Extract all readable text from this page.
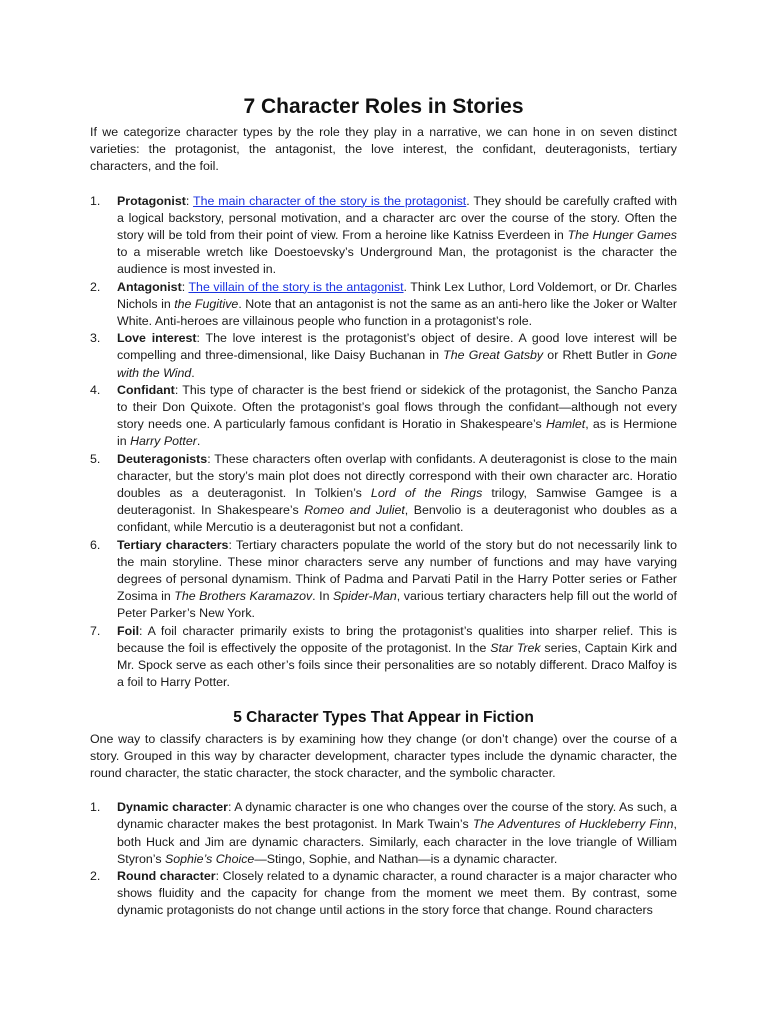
7 Character Roles in Stories

If we categorize character types by the role they play in a narrative, we can hone in on seven distinct varieties: the protagonist, the antagonist, the love interest, the confidant, deuteragonists, tertiary characters, and the foil.

1. Protagonist: The main character of the story is the protagonist. They should be carefully crafted with a logical backstory, personal motivation, and a character arc over the course of the story. Often the story will be told from their point of view. From a heroine like Katniss Everdeen in The Hunger Games to a miserable wretch like Doestoevsky’s Underground Man, the protagonist is the character the audience is most invested in.
2. Antagonist: The villain of the story is the antagonist. Think Lex Luthor, Lord Voldemort, or Dr. Charles Nichols in the Fugitive. Note that an antagonist is not the same as an anti-hero like the Joker or Walter White. Anti-heroes are villainous people who function in a protagonist’s role.
3. Love interest: The love interest is the protagonist’s object of desire. A good love interest will be compelling and three-dimensional, like Daisy Buchanan in The Great Gatsby or Rhett Butler in Gone with the Wind.
4. Confidant: This type of character is the best friend or sidekick of the protagonist, the Sancho Panza to their Don Quixote. Often the protagonist’s goal flows through the confidant—although not every story needs one. A particularly famous confidant is Horatio in Shakespeare’s Hamlet, as is Hermione in Harry Potter.
5. Deuteragonists: These characters often overlap with confidants. A deuteragonist is close to the main character, but the story’s main plot does not directly correspond with their own character arc. Horatio doubles as a deuteragonist. In Tolkien’s Lord of the Rings trilogy, Samwise Gamgee is a deuteragonist. In Shakespeare’s Romeo and Juliet, Benvolio is a deuteragonist who doubles as a confidant, while Mercutio is a deuteragonist but not a confidant.
6. Tertiary characters: Tertiary characters populate the world of the story but do not necessarily link to the main storyline. These minor characters serve any number of functions and may have varying degrees of personal dynamism. Think of Padma and Parvati Patil in the Harry Potter series or Father Zosima in The Brothers Karamazov. In Spider-Man, various tertiary characters help fill out the world of Peter Parker’s New York.
7. Foil: A foil character primarily exists to bring the protagonist’s qualities into sharper relief. This is because the foil is effectively the opposite of the protagonist. In the Star Trek series, Captain Kirk and Mr. Spock serve as each other’s foils since their personalities are so notably different. Draco Malfoy is a foil to Harry Potter.
5 Character Types That Appear in Fiction

One way to classify characters is by examining how they change (or don’t change) over the course of a story. Grouped in this way by character development, character types include the dynamic character, the round character, the static character, the stock character, and the symbolic character.

1. Dynamic character: A dynamic character is one who changes over the course of the story. As such, a dynamic character makes the best protagonist. In Mark Twain’s The Adventures of Huckleberry Finn, both Huck and Jim are dynamic characters. Similarly, each character in the love triangle of William Styron’s Sophie’s Choice—Stingo, Sophie, and Nathan—is a dynamic character.
2. Round character: Closely related to a dynamic character, a round character is a major character who shows fluidity and the capacity for change from the moment we meet them. By contrast, some dynamic protagonists do not change until actions in the story force that change. Round characters
